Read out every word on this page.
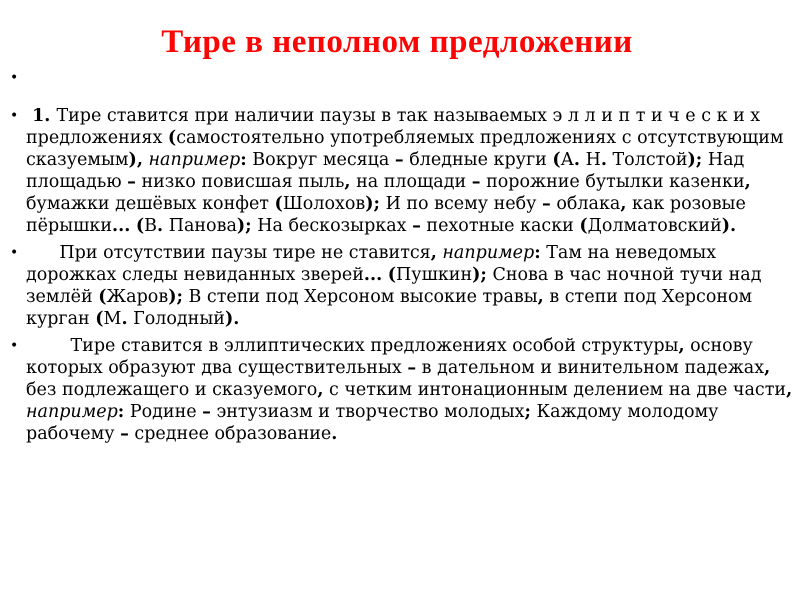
Тире в неполном предложении
•
• 1. Тире ставится при наличии паузы в так называемых э л л и п т и ч е с к и х предложениях (самостоятельно употребляемых предложениях с отсутствующим сказуемым), например: Вокруг месяца – бледные круги (А. Н. Толстой); Над площадью – низко повисшая пыль, на площади – порожние бутылки казенки, бумажки дешёвых конфет (Шолохов); И по всему небу – облака, как розовые пёрышки... (В. Панова); На бескозырках – пехотные каски (Долматовский).
• При отсутствии паузы тире не ставится, например: Там на неведомых дорожках следы невиданных зверей... (Пушкин); Снова в час ночной тучи над землёй (Жаров); В степи под Херсоном высокие травы, в степи под Херсоном курган (М. Голодный).
• Тире ставится в эллиптических предложениях особой структуры, основу которых образуют два существительных – в дательном и винительном падежах, без подлежащего и сказуемого, с четким интонационным делением на две части, например: Родине – энтузиазм и творчество молодых; Каждому молодому рабочему – среднее образование.
